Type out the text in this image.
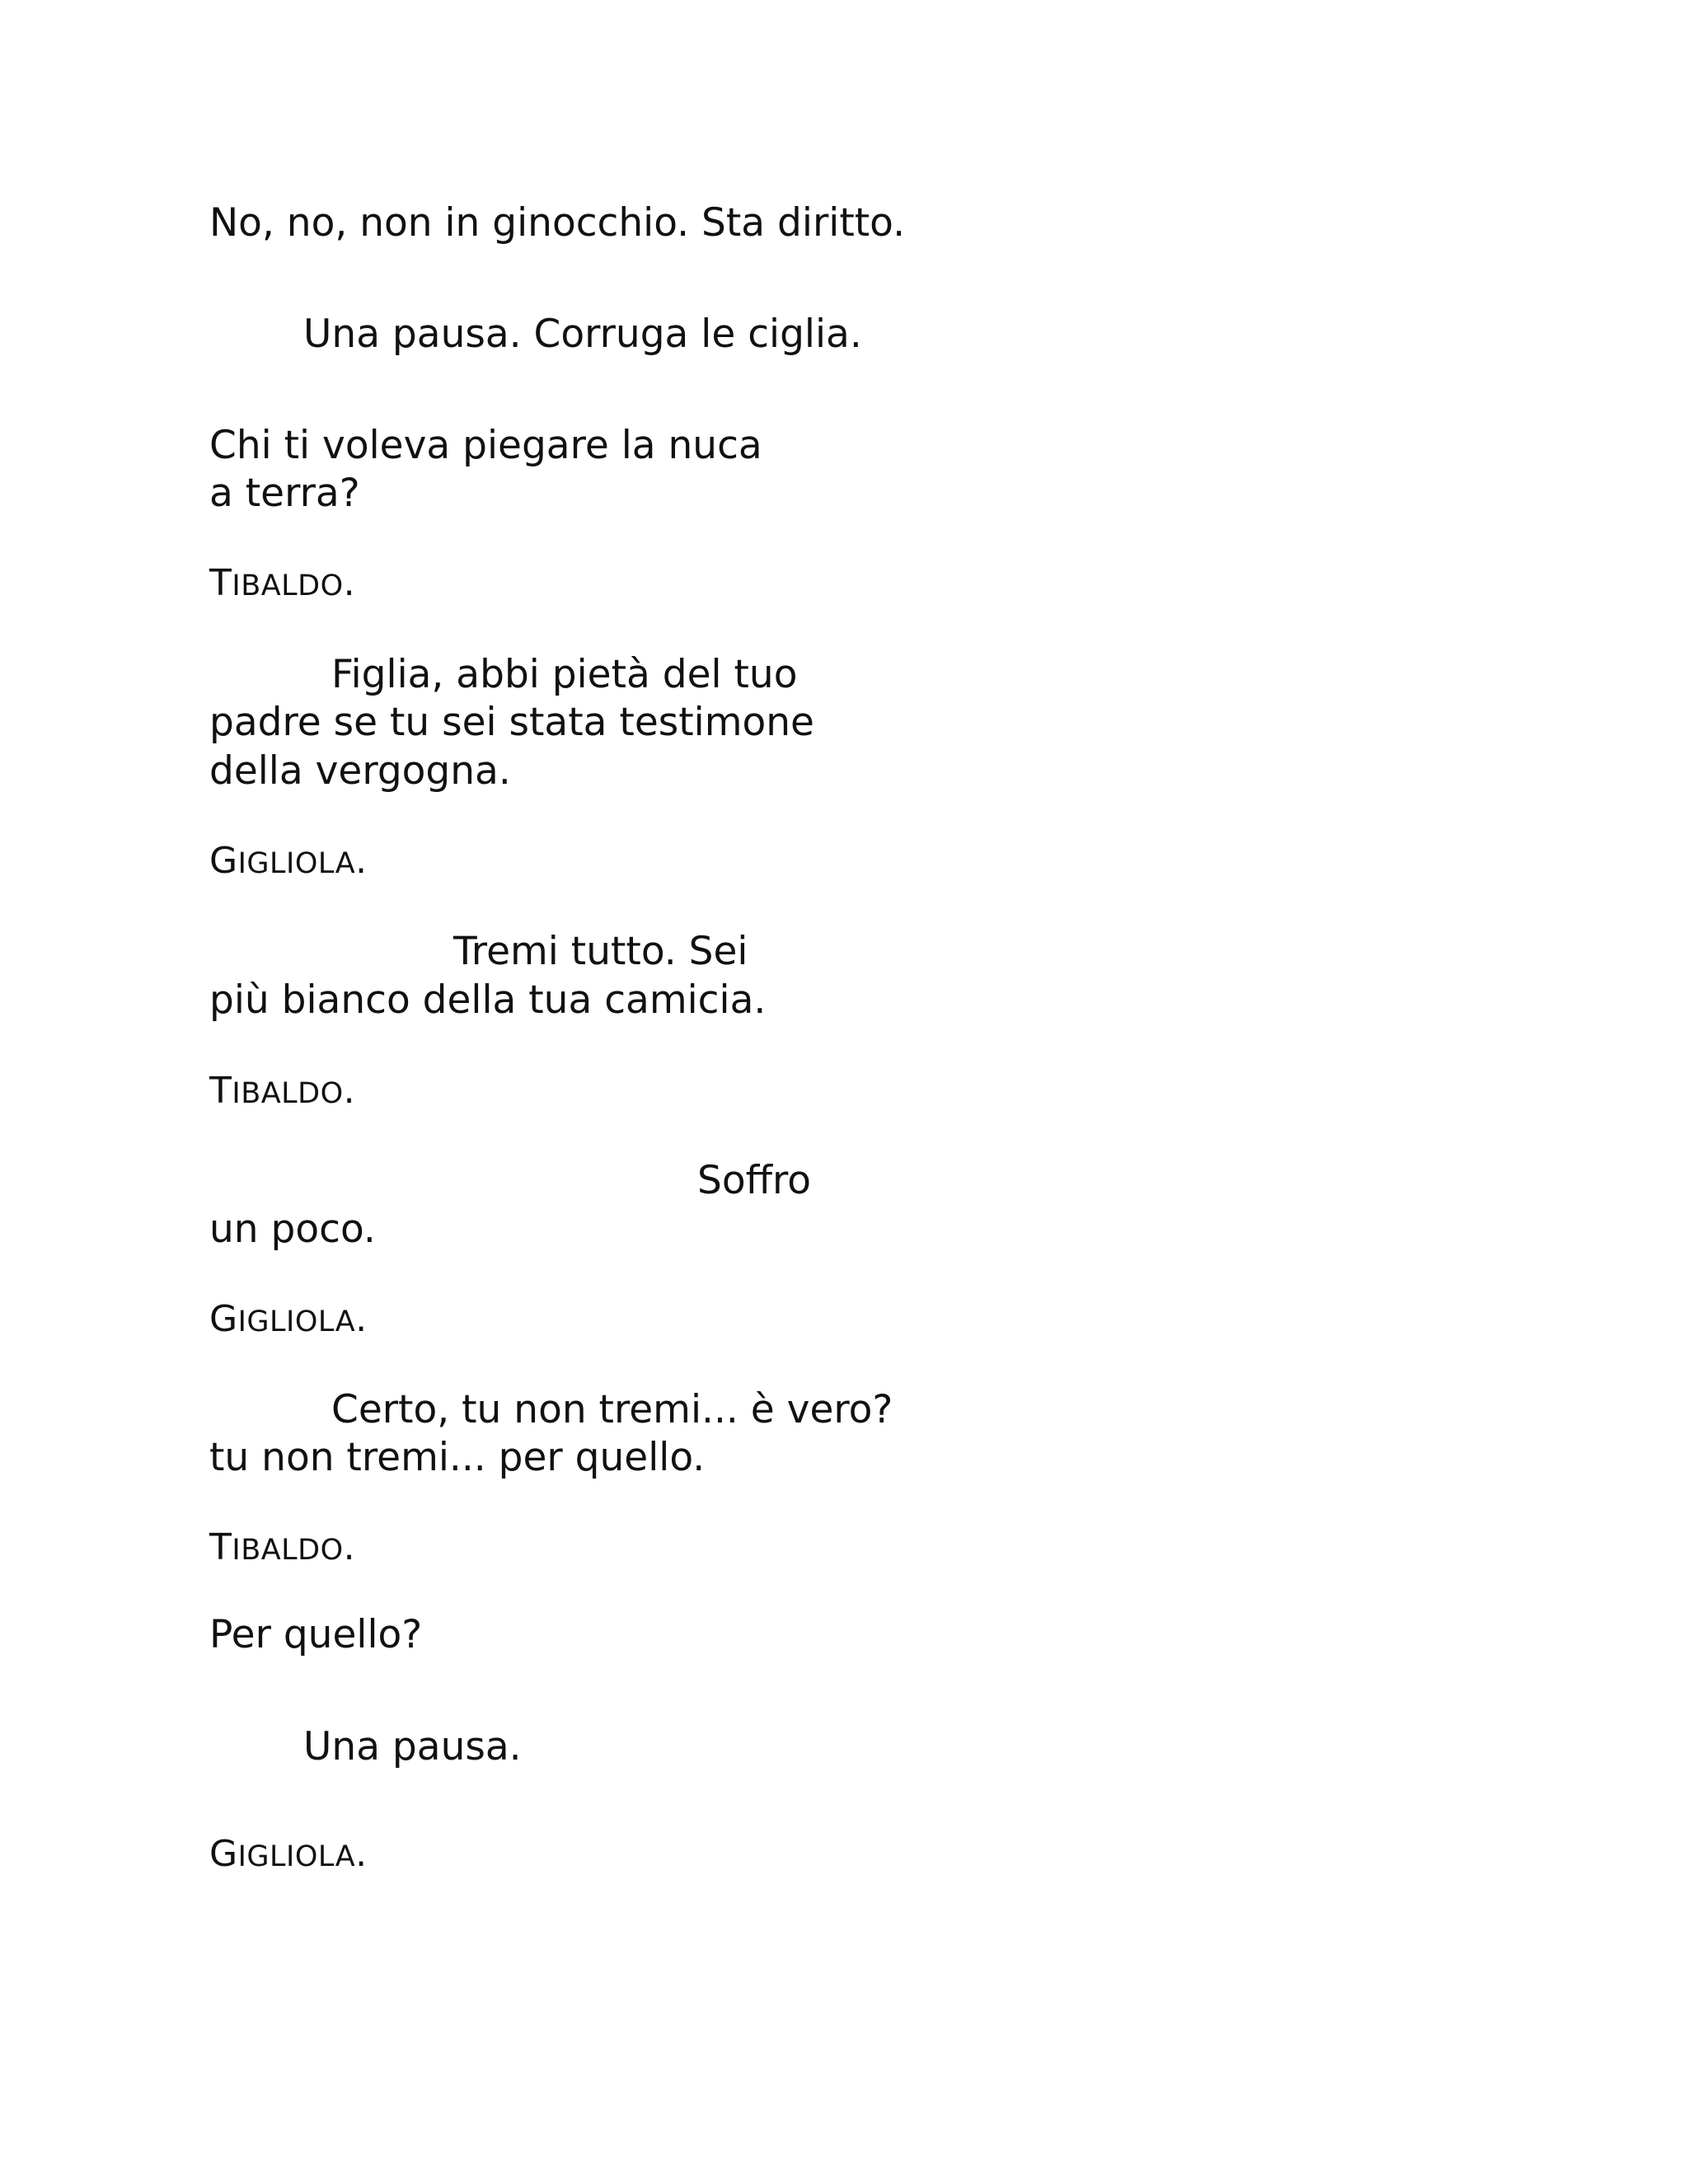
No, no, non in ginocchio. Sta diritto.
Una pausa. Corruga le ciglia.
Chi ti voleva piegare la nuca
a terra?
TIBALDO.
Figlia, abbi pietà del tuo
padre se tu sei stata testimone
della vergogna.
GIGLIOLA.
Tremi tutto. Sei
più bianco della tua camicia.
TIBALDO.
Soffro
un poco.
GIGLIOLA.
Certo, tu non tremi... è vero?
tu non tremi... per quello.
TIBALDO.
Per quello?
Una pausa.
GIGLIOLA.
